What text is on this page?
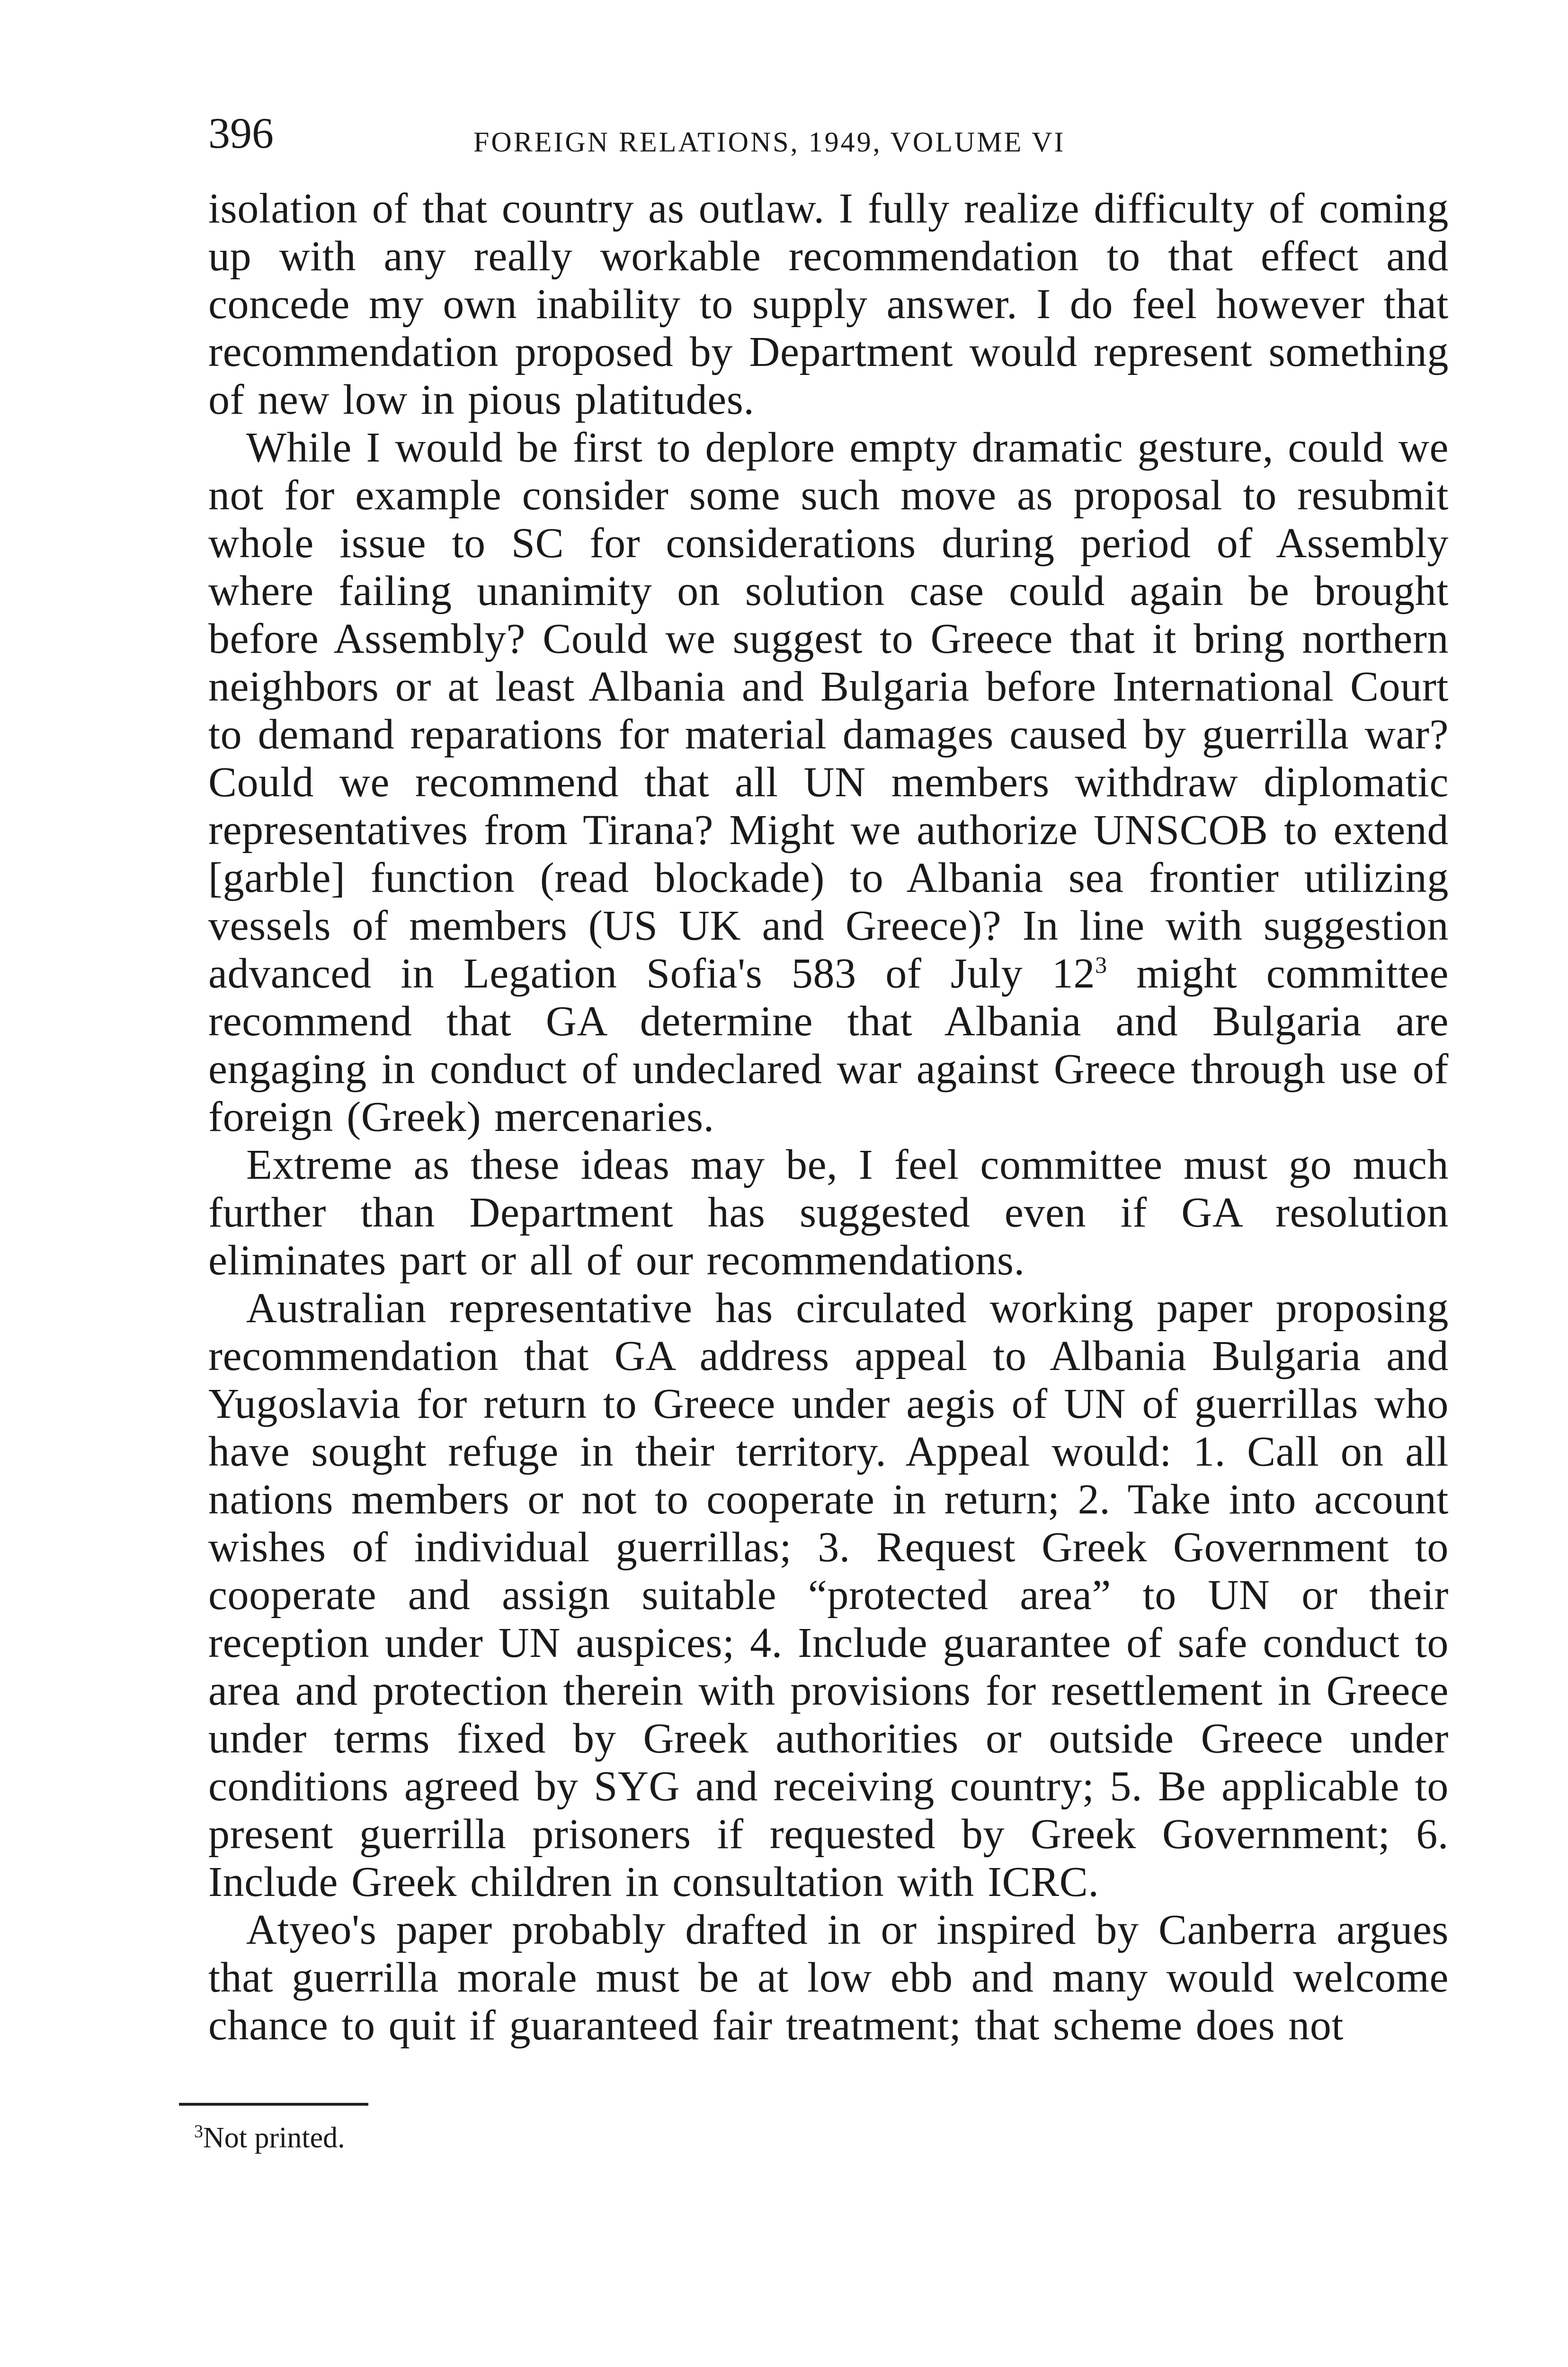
396	FOREIGN RELATIONS, 1949, VOLUME VI

isolation of that country as outlaw. I fully realize difficulty of coming up with any really workable recommendation to that effect and concede my own inability to supply answer. I do feel however that recommendation proposed by Department would represent something of new low in pious platitudes.

While I would be first to deplore empty dramatic gesture, could we not for example consider some such move as proposal to resubmit whole issue to SC for considerations during period of Assembly where failing unanimity on solution case could again be brought before Assembly? Could we suggest to Greece that it bring northern neighbors or at least Albania and Bulgaria before International Court to demand reparations for material damages caused by guerrilla war? Could we recommend that all UN members withdraw diplomatic representatives from Tirana? Might we authorize UNSCOB to extend [garble] function (read blockade) to Albania sea frontier utilizing vessels of members (US UK and Greece)? In line with suggestion advanced in Legation Sofia's 583 of July 12$^3$ might committee recommend that GA determine that Albania and Bulgaria are engaging in conduct of undeclared war against Greece through use of foreign (Greek) mercenaries.

Extreme as these ideas may be, I feel committee must go much further than Department has suggested even if GA resolution eliminates part or all of our recommendations.

Australian representative has circulated working paper proposing recommendation that GA address appeal to Albania Bulgaria and Yugoslavia for return to Greece under aegis of UN of guerrillas who have sought refuge in their territory. Appeal would: 1. Call on all nations members or not to cooperate in return; 2. Take into account wishes of individual guerrillas; 3. Request Greek Government to cooperate and assign suitable “protected area” to UN or their reception under UN auspices; 4. Include guarantee of safe conduct to area and protection therein with provisions for resettlement in Greece under terms fixed by Greek authorities or outside Greece under conditions agreed by SYG and receiving country; 5. Be applicable to present guerrilla prisoners if requested by Greek Government; 6. Include Greek children in consultation with ICRC.

Atyeo's paper probably drafted in or inspired by Canberra argues that guerrilla morale must be at low ebb and many would welcome chance to quit if guaranteed fair treatment; that scheme does not

$^3$Not printed.
